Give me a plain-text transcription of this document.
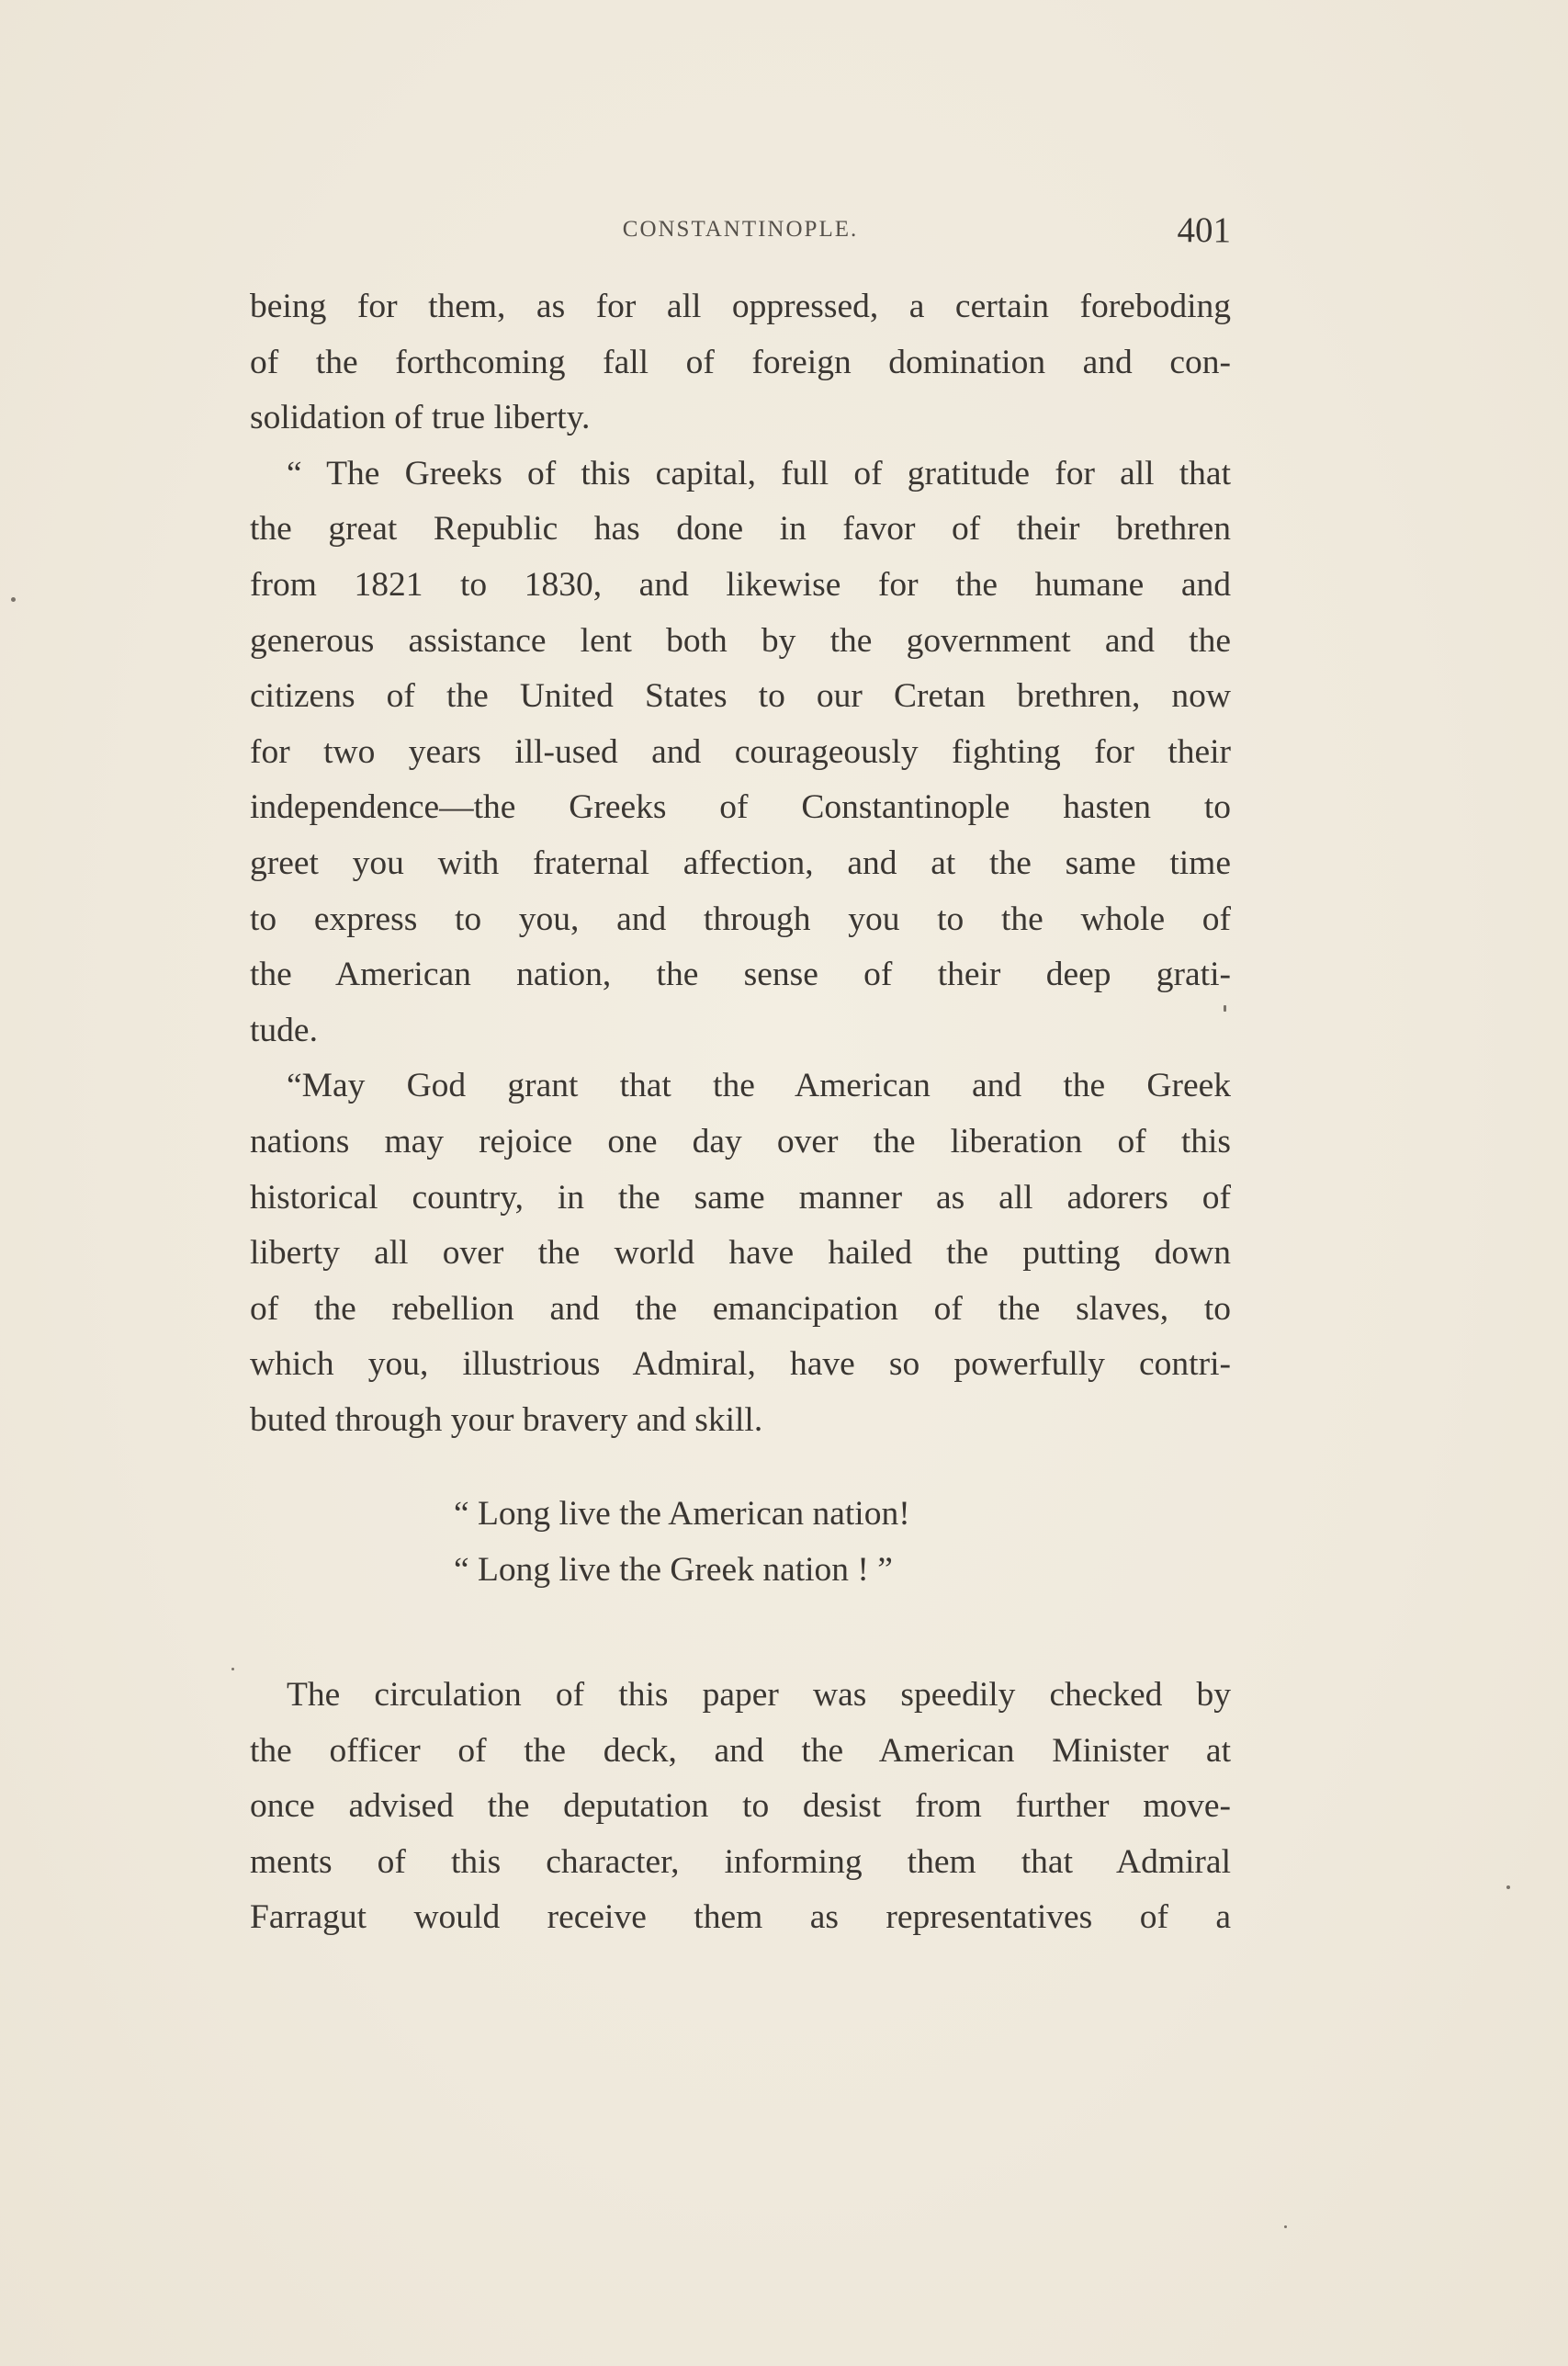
CONSTANTINOPLE.	401
being for them, as for all oppressed, a certain foreboding
of the forthcoming fall of foreign domination and con-
solidation of true liberty.
“ The Greeks of this capital, full of gratitude for all that
the great Republic has done in favor of their brethren
from 1821 to 1830, and likewise for the humane and
generous assistance lent both by the government and the
citizens of the United States to our Cretan brethren, now
for two years ill-used and courageously fighting for their
independence—the Greeks of Constantinople hasten to
greet you with fraternal affection, and at the same time
to express to you, and through you to the whole of
the American nation, the sense of their deep grati-
tude.
“May God grant that the American and the Greek
nations may rejoice one day over the liberation of this
historical country, in the same manner as all adorers of
liberty all over the world have hailed the putting down
of the rebellion and the emancipation of the slaves, to
which you, illustrious Admiral, have so powerfully contri-
buted through your bravery and skill.
“ Long live the American nation!
“ Long live the Greek nation ! ”
The circulation of this paper was speedily checked by
the officer of the deck, and the American Minister at
once advised the deputation to desist from further move-
ments of this character, informing them that Admiral
Farragut would receive them as representatives of a
